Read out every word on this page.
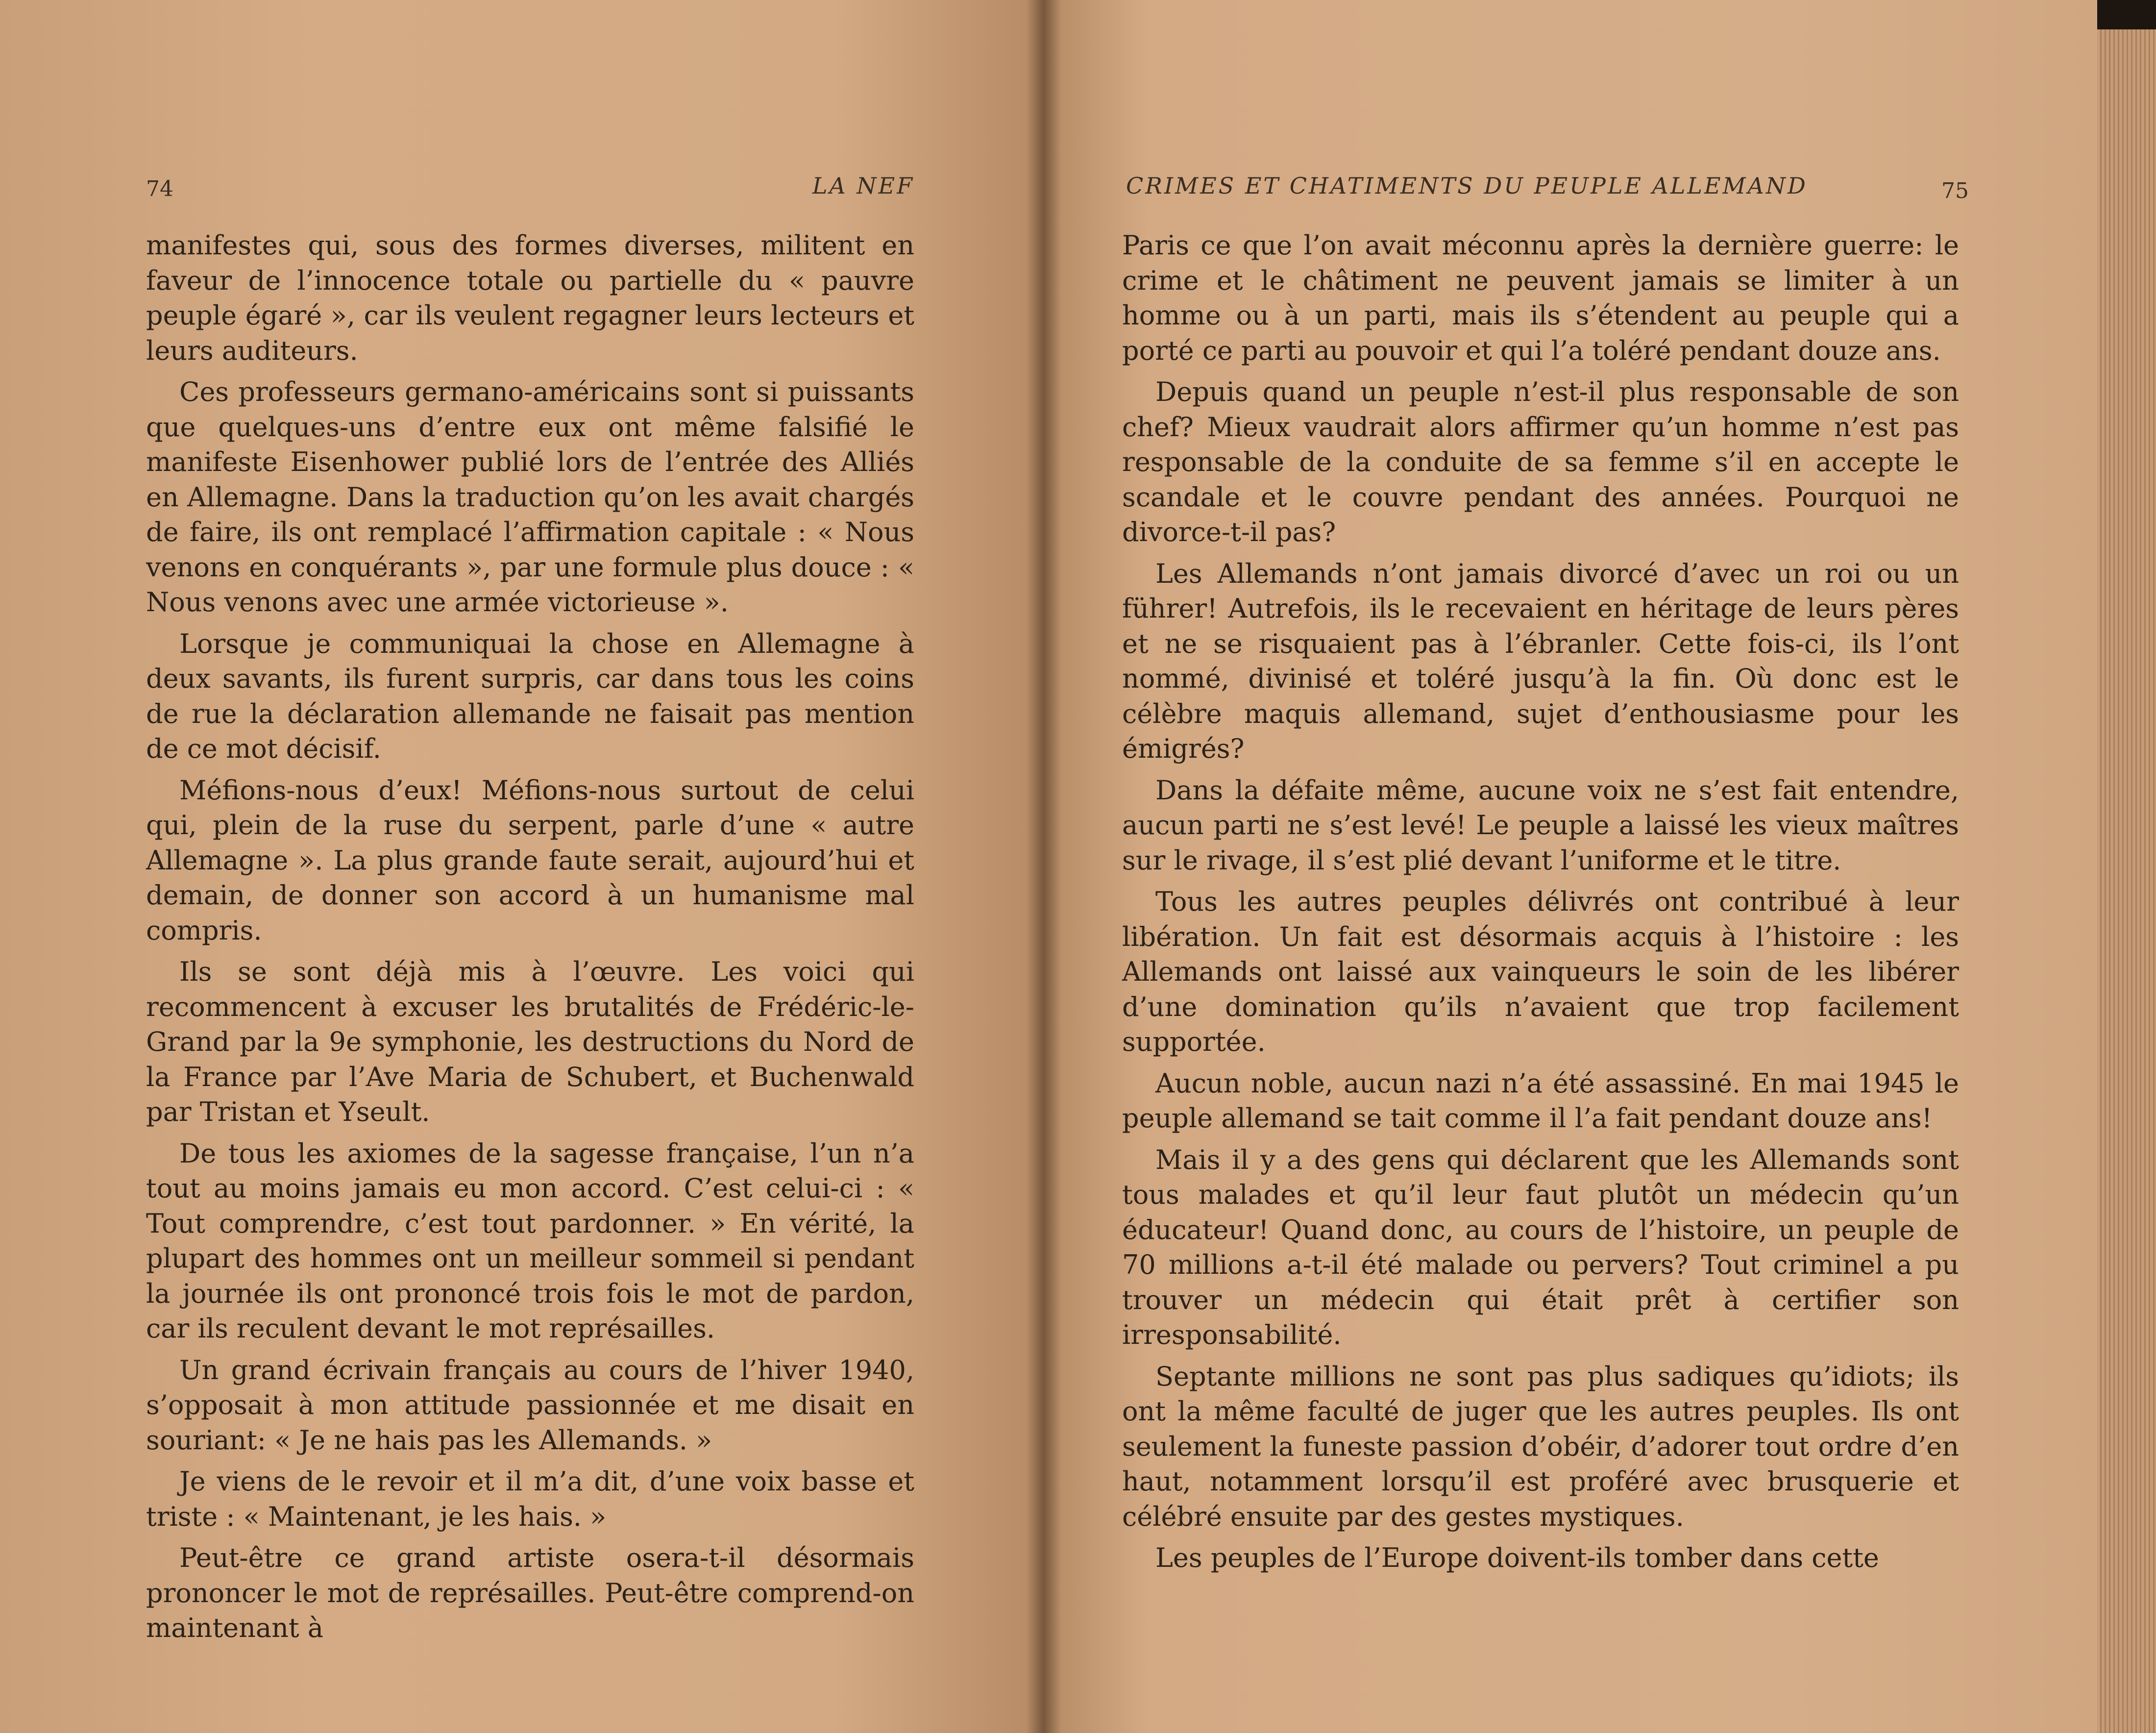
74	LA NEF

manifestes qui, sous des formes diverses, militent en faveur de l’innocence totale ou partielle du « pauvre peuple égaré », car ils veulent regagner leurs lecteurs et leurs auditeurs.

Ces professeurs germano-américains sont si puissants que quelques-uns d’entre eux ont même falsifié le manifeste Eisenhower publié lors de l’entrée des Alliés en Allemagne. Dans la traduction qu’on les avait chargés de faire, ils ont remplacé l’affirmation capitale : « Nous venons en conquérants », par une formule plus douce : « Nous venons avec une armée victorieuse ».

Lorsque je communiquai la chose en Allemagne à deux savants, ils furent surpris, car dans tous les coins de rue la déclaration allemande ne faisait pas mention de ce mot décisif.

Méfions-nous d’eux! Méfions-nous surtout de celui qui, plein de la ruse du serpent, parle d’une « autre Allemagne ». La plus grande faute serait, aujourd’hui et demain, de donner son accord à un humanisme mal compris.

Ils se sont déjà mis à l’œuvre. Les voici qui recommencent à excuser les brutalités de Frédéric-le-Grand par la 9e symphonie, les destructions du Nord de la France par l’Ave Maria de Schubert, et Buchenwald par Tristan et Yseult.

De tous les axiomes de la sagesse française, l’un n’a tout au moins jamais eu mon accord. C’est celui-ci : « Tout comprendre, c’est tout pardonner. » En vérité, la plupart des hommes ont un meilleur sommeil si pendant la journée ils ont prononcé trois fois le mot de pardon, car ils reculent devant le mot représailles.

Un grand écrivain français au cours de l’hiver 1940, s’opposait à mon attitude passionnée et me disait en souriant: « Je ne hais pas les Allemands. »

Je viens de le revoir et il m’a dit, d’une voix basse et triste : « Maintenant, je les hais. »

Peut-être ce grand artiste osera-t-il désormais prononcer le mot de représailles. Peut-être comprend-on maintenant à

CRIMES ET CHATIMENTS DU PEUPLE ALLEMAND	75

Paris ce que l’on avait méconnu après la dernière guerre: le crime et le châtiment ne peuvent jamais se limiter à un homme ou à un parti, mais ils s’étendent au peuple qui a porté ce parti au pouvoir et qui l’a toléré pendant douze ans.

Depuis quand un peuple n’est-il plus responsable de son chef? Mieux vaudrait alors affirmer qu’un homme n’est pas responsable de la conduite de sa femme s’il en accepte le scandale et le couvre pendant des années. Pourquoi ne divorce-t-il pas?

Les Allemands n’ont jamais divorcé d’avec un roi ou un führer! Autrefois, ils le recevaient en héritage de leurs pères et ne se risquaient pas à l’ébranler. Cette fois-ci, ils l’ont nommé, divinisé et toléré jusqu’à la fin. Où donc est le célèbre maquis allemand, sujet d’enthousiasme pour les émigrés?

Dans la défaite même, aucune voix ne s’est fait entendre, aucun parti ne s’est levé! Le peuple a laissé les vieux maîtres sur le rivage, il s’est plié devant l’uniforme et le titre.

Tous les autres peuples délivrés ont contribué à leur libération. Un fait est désormais acquis à l’histoire : les Allemands ont laissé aux vainqueurs le soin de les libérer d’une domination qu’ils n’avaient que trop facilement supportée.

Aucun noble, aucun nazi n’a été assassiné. En mai 1945 le peuple allemand se tait comme il l’a fait pendant douze ans!

Mais il y a des gens qui déclarent que les Allemands sont tous malades et qu’il leur faut plutôt un médecin qu’un éducateur! Quand donc, au cours de l’histoire, un peuple de 70 millions a-t-il été malade ou pervers? Tout criminel a pu trouver un médecin qui était prêt à certifier son irresponsabilité.

Septante millions ne sont pas plus sadiques qu’idiots; ils ont la même faculté de juger que les autres peuples. Ils ont seulement la funeste passion d’obéir, d’adorer tout ordre d’en haut, notamment lorsqu’il est proféré avec brusquerie et célébré ensuite par des gestes mystiques.

Les peuples de l’Europe doivent-ils tomber dans cette
